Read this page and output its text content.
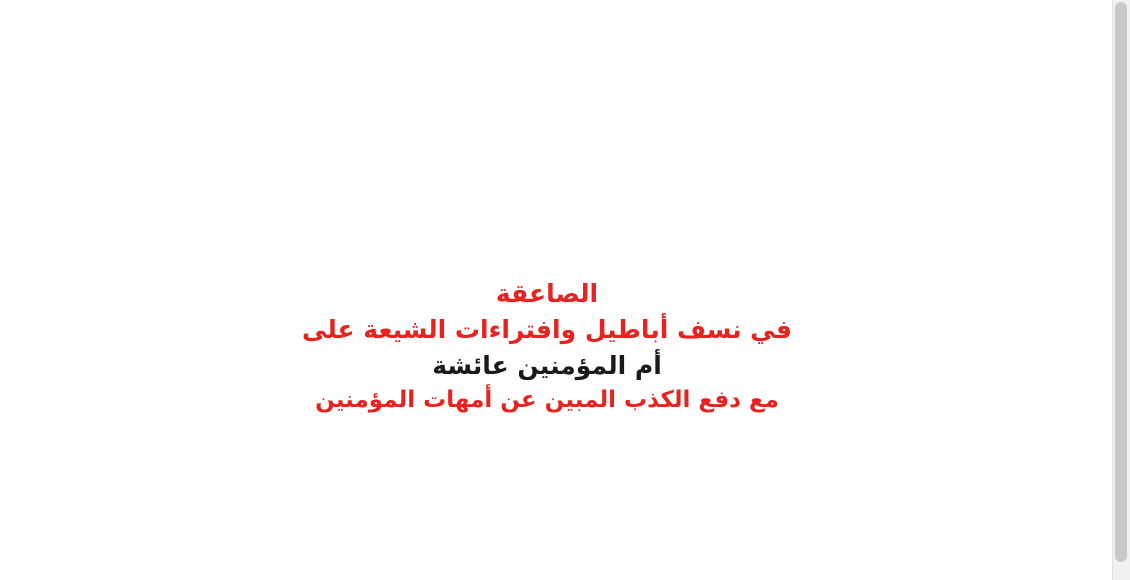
الصاعقة
في نسف أباطيل وافتراءات الشيعة على
أم المؤمنين عائشة
مع دفع الكذب المبين عن أمهات المؤمنين
